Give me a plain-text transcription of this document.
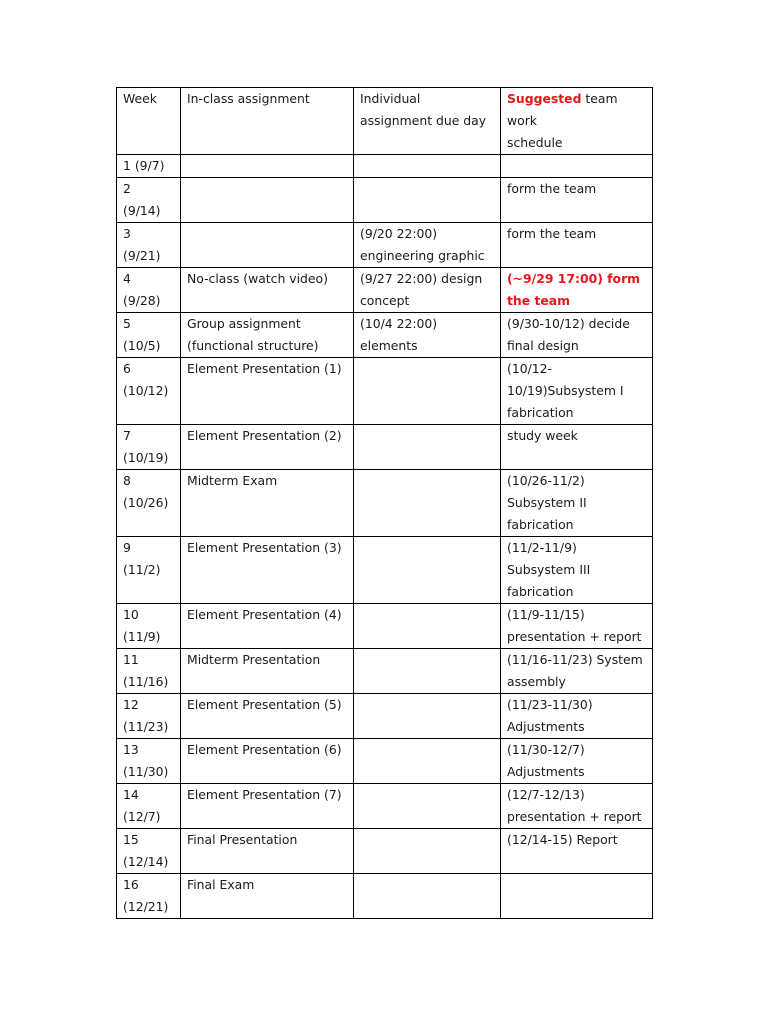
Week	In-class assignment	Individual
assignment due day	Suggested team work
schedule
1 (9/7)			
2
(9/14)			form the team
3
(9/21)		(9/20 22:00)
engineering graphic	form the team
4
(9/28)	No-class (watch video)	(9/27 22:00) design
concept	(~9/29 17:00) form
the team
5
(10/5)	Group assignment
(functional structure)	(10/4 22:00)
elements	(9/30-10/12) decide
final design
6
(10/12)	Element Presentation (1)		(10/12-
10/19)Subsystem I
fabrication
7
(10/19)	Element Presentation (2)		study week
8
(10/26)	Midterm Exam		(10/26-11/2)
Subsystem II
fabrication
9
(11/2)	Element Presentation (3)		(11/2-11/9)
Subsystem III
fabrication
10
(11/9)	Element Presentation (4)		(11/9-11/15)
presentation + report
11
(11/16)	Midterm Presentation		(11/16-11/23) System
assembly
12
(11/23)	Element Presentation (5)		(11/23-11/30)
Adjustments
13
(11/30)	Element Presentation (6)		(11/30-12/7)
Adjustments
14
(12/7)	Element Presentation (7)		(12/7-12/13)
presentation + report
15
(12/14)	Final Presentation		(12/14-15) Report
16
(12/21)	Final Exam		
